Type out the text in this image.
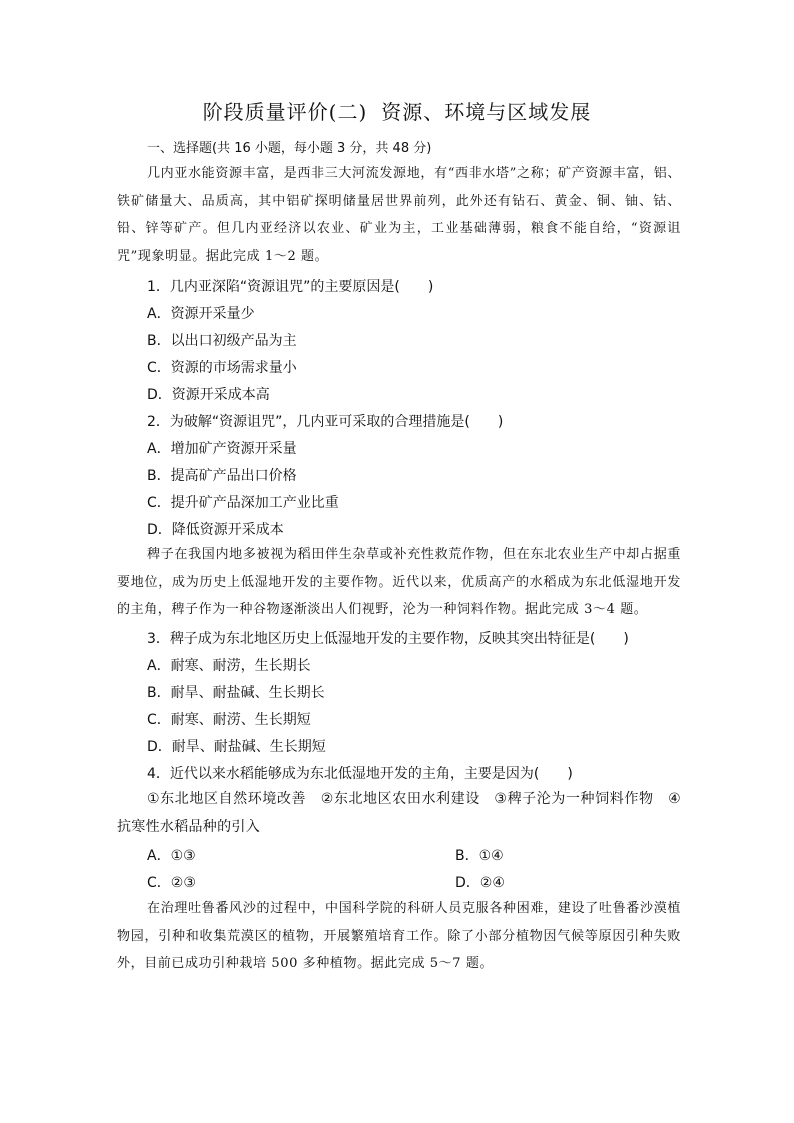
阶段质量评价(二) 资源、环境与区域发展
一、选择题(共 16 小题，每小题 3 分，共 48 分)
几内亚水能资源丰富，是西非三大河流发源地，有“西非水塔”之称；矿产资源丰富，铝、铁矿储量大、品质高，其中铝矿探明储量居世界前列，此外还有钻石、黄金、铜、铀、钴、铅、锌等矿产。但几内亚经济以农业、矿业为主，工业基础薄弱，粮食不能自给，“资源诅咒”现象明显。据此完成 1～2 题。
1．几内亚深陷“资源诅咒”的主要原因是(　　)
A．资源开采量少
B．以出口初级产品为主
C．资源的市场需求量小
D．资源开采成本高
2．为破解“资源诅咒”，几内亚可采取的合理措施是(　　)
A．增加矿产资源开采量
B．提高矿产品出口价格
C．提升矿产品深加工产业比重
D．降低资源开采成本
稗子在我国内地多被视为稻田伴生杂草或补充性救荒作物，但在东北农业生产中却占据重要地位，成为历史上低湿地开发的主要作物。近代以来，优质高产的水稻成为东北低湿地开发的主角，稗子作为一种谷物逐渐淡出人们视野，沦为一种饲料作物。据此完成 3～4 题。
3．稗子成为东北地区历史上低湿地开发的主要作物，反映其突出特征是(　　)
A．耐寒、耐涝，生长期长
B．耐旱、耐盐碱、生长期长
C．耐寒、耐涝、生长期短
D．耐旱、耐盐碱、生长期短
4．近代以来水稻能够成为东北低湿地开发的主角，主要是因为(　　)
①东北地区自然环境改善　②东北地区农田水利建设　③稗子沦为一种饲料作物　④抗寒性水稻品种的引入
A．①③	B．①④
C．②③	D．②④
在治理吐鲁番风沙的过程中，中国科学院的科研人员克服各种困难，建设了吐鲁番沙漠植物园，引种和收集荒漠区的植物，开展繁殖培育工作。除了小部分植物因气候等原因引种失败外，目前已成功引种栽培 500 多种植物。据此完成 5～7 题。
